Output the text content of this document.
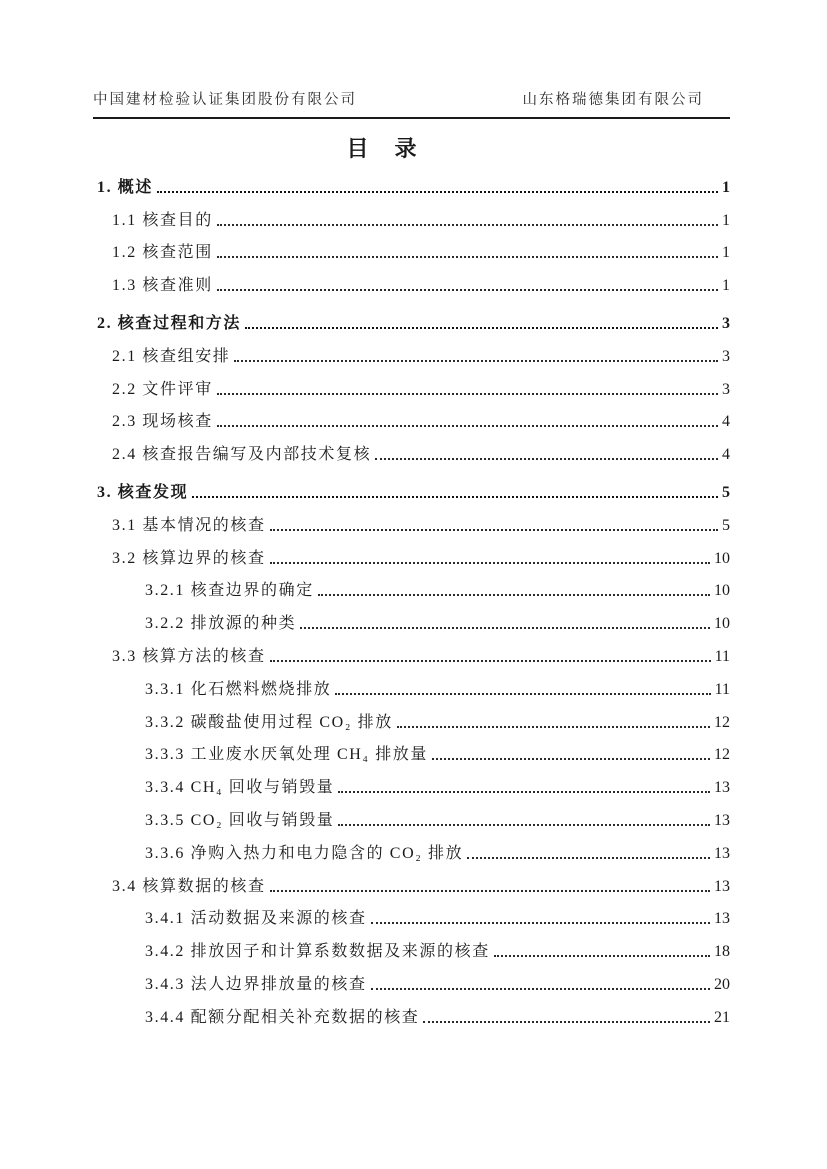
中国建材检验认证集团股份有限公司	山东格瑞德集团有限公司
目　录
1. 概述	1
1.1 核查目的	1
1.2 核查范围	1
1.3 核查准则	1
2. 核查过程和方法	3
2.1 核查组安排	3
2.2 文件评审	3
2.3 现场核查	4
2.4 核查报告编写及内部技术复核	4
3. 核查发现	5
3.1 基本情况的核查	5
3.2 核算边界的核查	10
3.2.1 核查边界的确定	10
3.2.2 排放源的种类	10
3.3 核算方法的核查	11
3.3.1 化石燃料燃烧排放	11
3.3.2 碳酸盐使用过程 CO₂ 排放	12
3.3.3 工业废水厌氧处理 CH₄ 排放量	12
3.3.4 CH₄ 回收与销毁量	13
3.3.5 CO₂ 回收与销毁量	13
3.3.6 净购入热力和电力隐含的 CO₂ 排放	13
3.4 核算数据的核查	13
3.4.1 活动数据及来源的核查	13
3.4.2 排放因子和计算系数数据及来源的核查	18
3.4.3 法人边界排放量的核查	20
3.4.4 配额分配相关补充数据的核查	21
